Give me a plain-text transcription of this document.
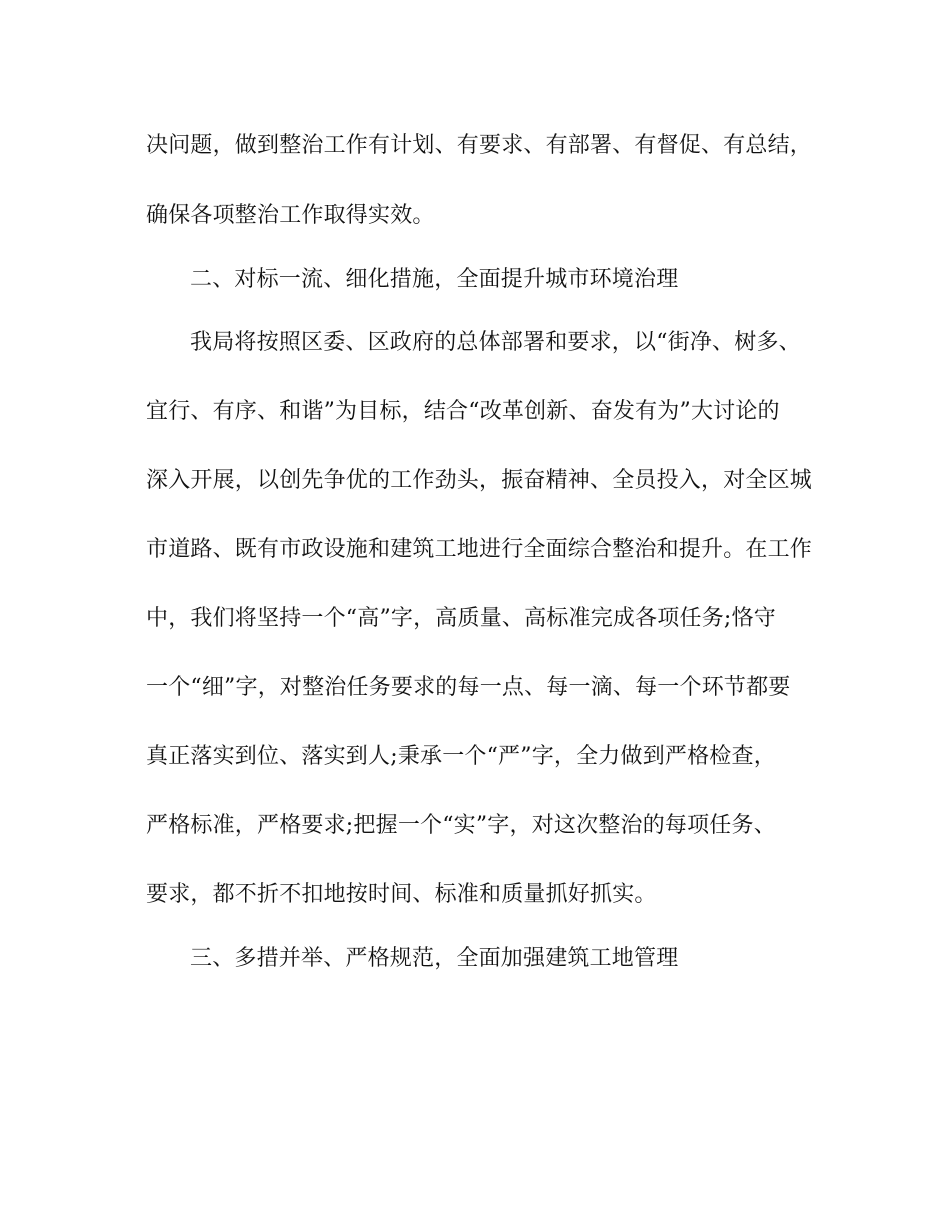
决问题，做到整治工作有计划、有要求、有部署、有督促、有总结，
确保各项整治工作取得实效。
二、对标一流、细化措施，全面提升城市环境治理
我局将按照区委、区政府的总体部署和要求，以“街净、树多、
宜行、有序、和谐”为目标，结合“改革创新、奋发有为”大讨论的
深入开展，以创先争优的工作劲头，振奋精神、全员投入，对全区城
市道路、既有市政设施和建筑工地进行全面综合整治和提升。在工作
中，我们将坚持一个“高”字，高质量、高标准完成各项任务;恪守
一个“细”字，对整治任务要求的每一点、每一滴、每一个环节都要
真正落实到位、落实到人;秉承一个“严”字，全力做到严格检查，
严格标准，严格要求;把握一个“实”字，对这次整治的每项任务、
要求，都不折不扣地按时间、标准和质量抓好抓实。
三、多措并举、严格规范，全面加强建筑工地管理
